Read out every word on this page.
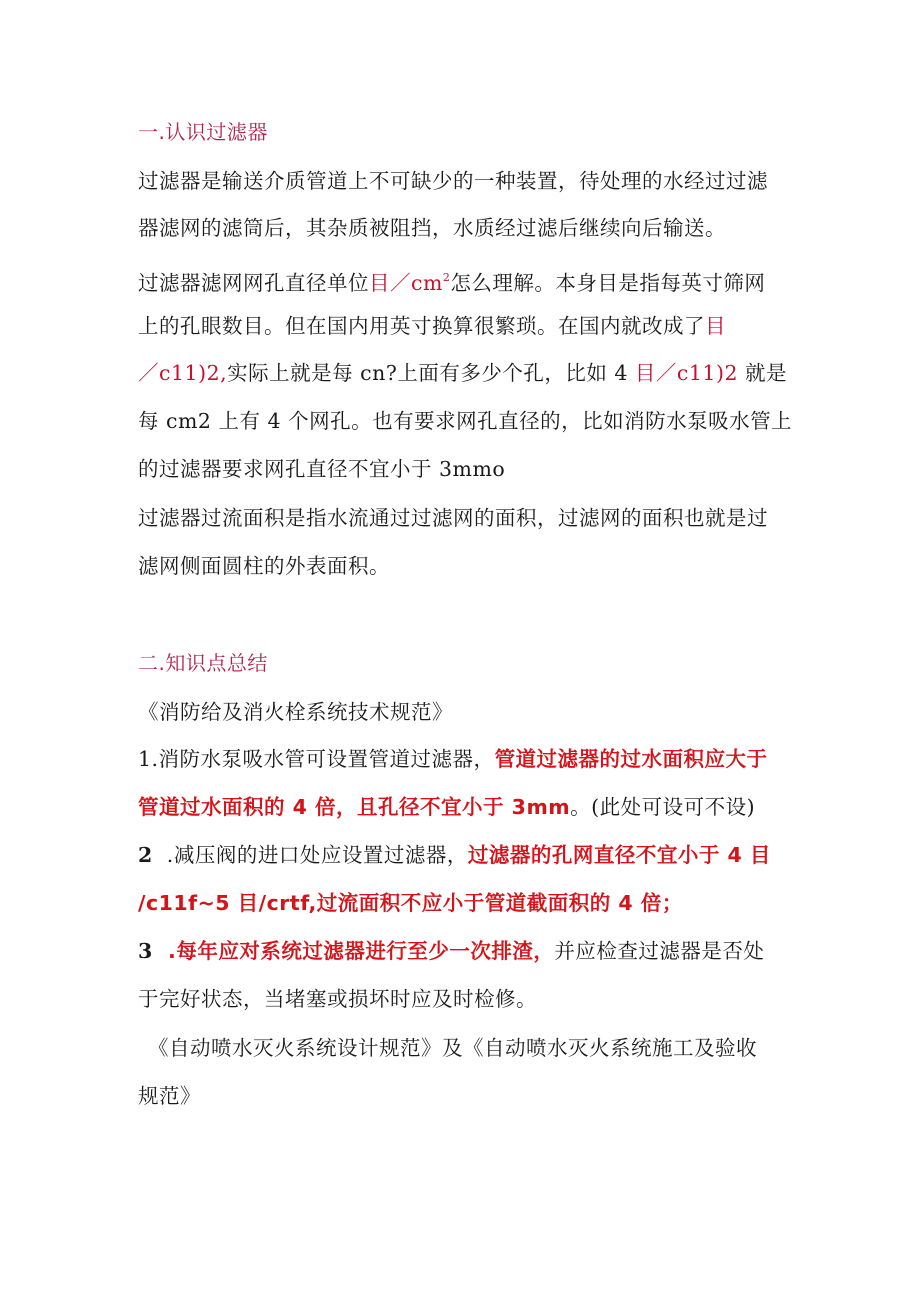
一.认识过滤器
过滤器是输送介质管道上不可缺少的一种装置，待处理的水经过过滤
器滤网的滤筒后，其杂质被阻挡，水质经过滤后继续向后输送。
过滤器滤网网孔直径单位目$/cm^2$怎么理解。本身目是指每英寸筛网
上的孔眼数目。但在国内用英寸换算很繁琐。在国内就改成了目
／c11)2,实际上就是每 cn?上面有多少个孔，比如 4 目／c11)2 就是
每 cm2 上有 4 个网孔。也有要求网孔直径的，比如消防水泵吸水管上
的过滤器要求网孔直径不宜小于 3mmo
过滤器过流面积是指水流通过过滤网的面积，过滤网的面积也就是过
滤网侧面圆柱的外表面积。
二.知识点总结
《消防给及消火栓系统技术规范》
1.消防水泵吸水管可设置管道过滤器，管道过滤器的过水面积应大于
管道过水面积的 4 倍，且孔径不宜小于 3mm。(此处可设可不设)
2  .减压阀的进口处应设置过滤器，过滤器的孔网直径不宜小于 4 目
/c11f~5 目/crtf,过流面积不应小于管道截面积的 4 倍；
3  .每年应对系统过滤器进行至少一次排渣，并应检查过滤器是否处
于完好状态，当堵塞或损坏时应及时检修。
《自动喷水灭火系统设计规范》及《自动喷水灭火系统施工及验收
规范》
